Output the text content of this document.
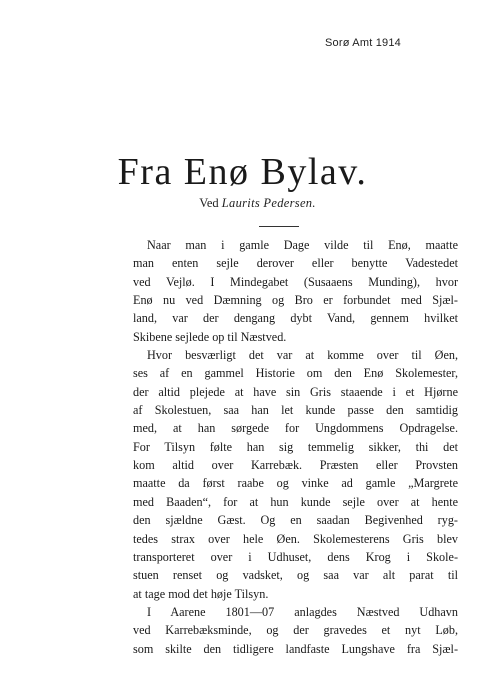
Sorø Amt 1914
Fra Enø Bylav.
Ved Laurits Pedersen.
Naar man i gamle Dage vilde til Enø, maatte
man enten sejle derover eller benytte Vadestedet
ved Vejlø. I Mindegabet (Susaaens Munding), hvor
Enø nu ved Dæmning og Bro er forbundet med Sjæl-
land, var der dengang dybt Vand, gennem hvilket
Skibene sejlede op til Næstved.
Hvor besværligt det var at komme over til Øen,
ses af en gammel Historie om den Enø Skolemester,
der altid plejede at have sin Gris staaende i et Hjørne
af Skolestuen, saa han let kunde passe den samtidig
med, at han sørgede for Ungdommens Opdragelse.
For Tilsyn følte han sig temmelig sikker, thi det
kom altid over Karrebæk. Præsten eller Provsten
maatte da først raabe og vinke ad gamle „Margrete
med Baaden“, for at hun kunde sejle over at hente
den sjældne Gæst. Og en saadan Begivenhed ryg-
tedes strax over hele Øen. Skolemesterens Gris blev
transporteret over i Udhuset, dens Krog i Skole-
stuen renset og vadsket, og saa var alt parat til
at tage mod det høje Tilsyn.
I Aarene 1801—07 anlagdes Næstved Udhavn
ved Karrebæksminde, og der gravedes et nyt Løb,
som skilte den tidligere landfaste Lungshave fra Sjæl-
